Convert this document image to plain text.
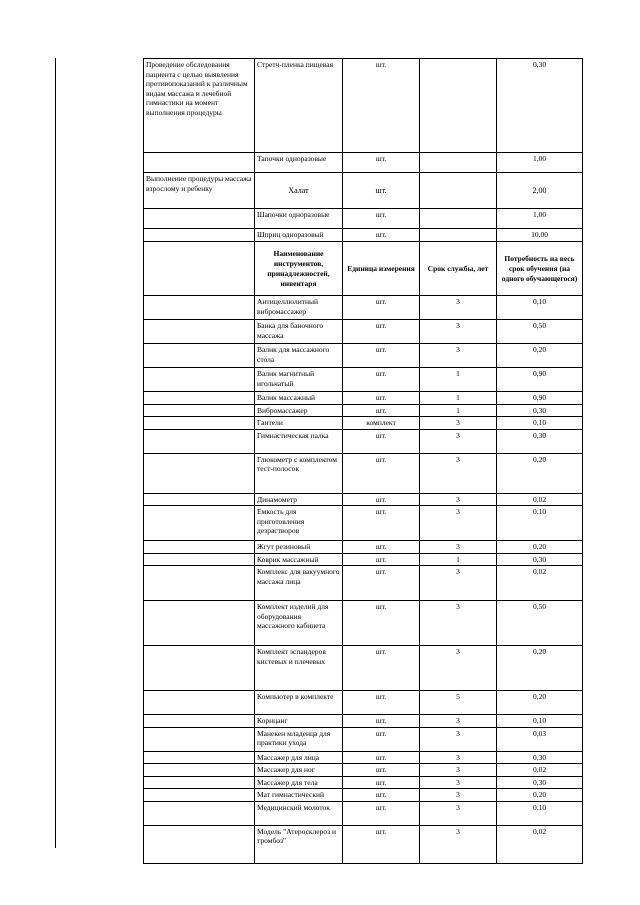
Проведение обследования пациента с целью выявления противопоказаний к различным видам массажа и лечебной гимнастики на момент выполнения процедуры	Стретч-пленка пищевая	шт.		0,30
	Тапочки одноразовые	шт.		1,00
Выполнение процедуры массажа взрослому и ребенку	Халат	шт.		2,00
	Шапочки одноразовые	шт.		1,00
	Шприц одноразовый	шт.		10,00
	Наименование инструментов, принадлежностей, инвентаря	Единица измерения	Срок службы, лет	Потребность на весь срок обучения (на одного обучающегося)
	Антицеллюлитный вибромассажер	шт.	3	0,10
	Банка для баночного массажа	шт.	3	0,50
	Валик для массажного стола	шт.	3	0,20
	Валик магнитный игольчатый	шт.	1	0,90
	Валик массажный	шт.	1	0,90
	Вибромассажер	шт.	1	0,30
	Гантели	комплект	3	0,10
	Гимнастическая палка	шт.	3	0,30
	Глюкометр с комплектом тест-полосок	шт.	3	0,20
	Динамометр	шт.	3	0,02
	Емкость для приготовления дезрастворов	шт.	3	0,10
	Жгут резиновый	шт.	3	0,20
	Коврик массажный	шт.	1	0,30
	Комплекс для вакуумного массажа лица	шт.	3	0,02
	Комплект изделий для оборудования массажного кабинета	шт.	3	0,50
	Комплект эспандеров кистевых и плечевых	шт.	3	0,20
	Компьютер в комплекте	шт.	5	0,20
	Корнцанг	шт.	3	0,10
	Манекен младенца для практики ухода	шт.	3	0,03
	Массажер для лица	шт.	3	0,30
	Массажер для ног	шт.	3	0,02
	Массажер для тела	шт.	3	0,30
	Мат гимнастический	шт.	3	0,20
	Медицинский молоток	шт.	3	0,10
	Модель "Атеросклероз и тромбоз"	шт.	3	0,02
